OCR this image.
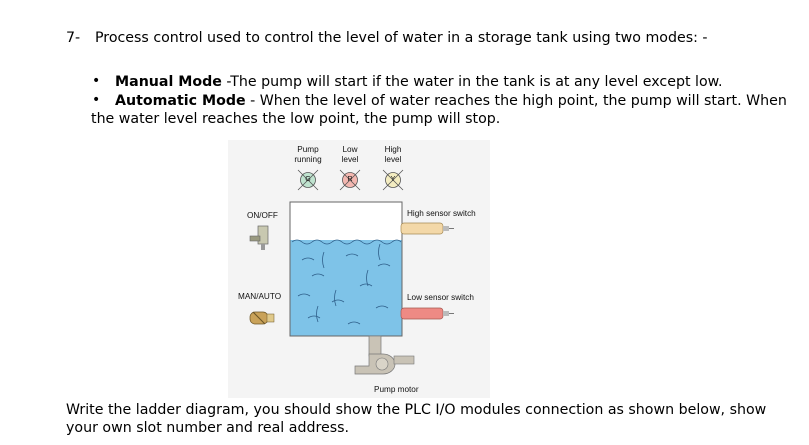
7- Process control used to control the level of water in a storage tank using two modes: -
• Manual Mode -The pump will start if the water in the tank is at any level except low.
• Automatic Mode - When the level of water reaches the high point, the pump will start. When
the water level reaches the low point, the pump will stop.
Pump
running
Low
level
High
level
G	R	Y
ON/OFF
MAN/AUTO
High sensor switch
Low sensor switch
Pump motor
Write the ladder diagram, you should show the PLC I/O modules connection as shown below, show
your own slot number and real address.
